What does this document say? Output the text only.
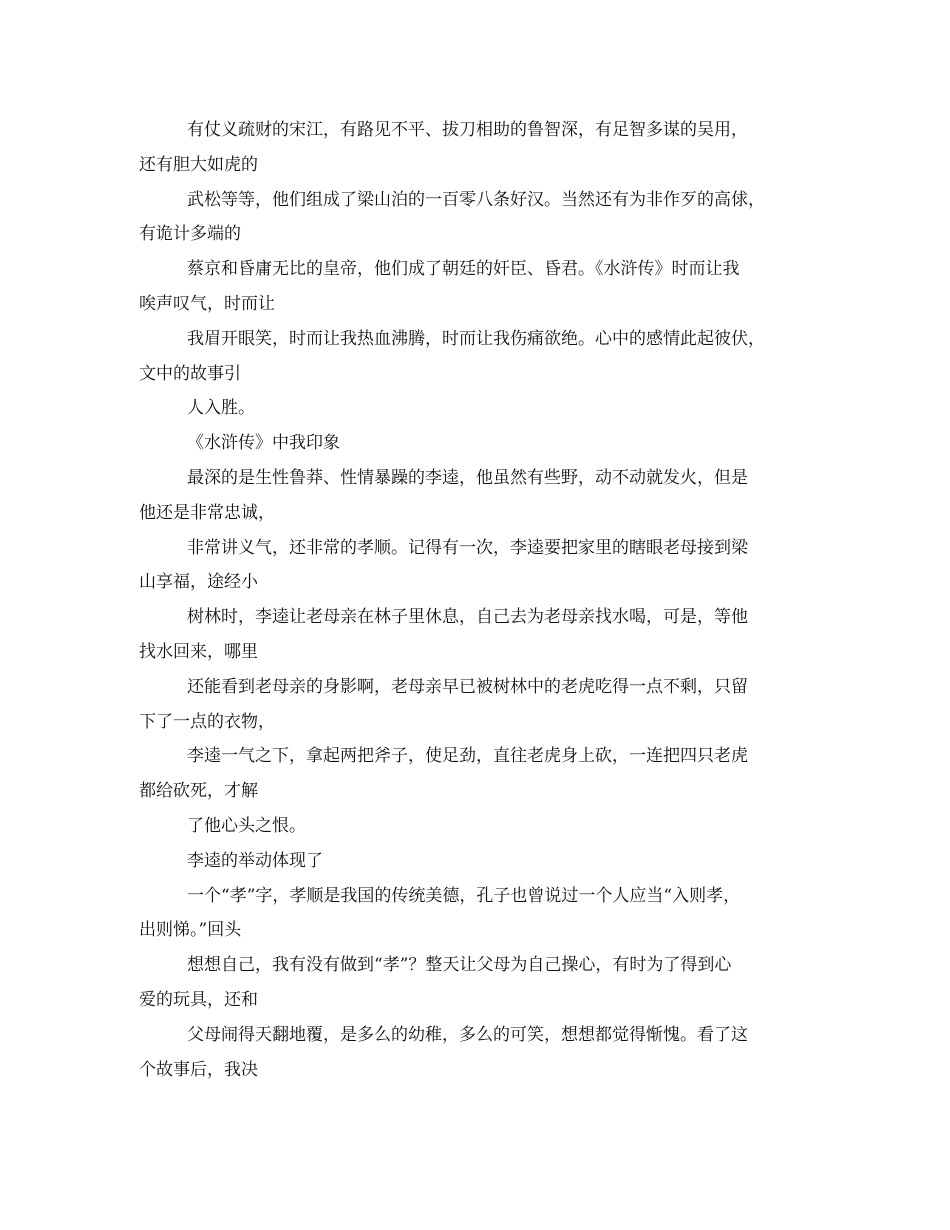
有仗义疏财的宋江，有路见不平、拔刀相助的鲁智深，有足智多谋的吴用，
还有胆大如虎的
武松等等，他们组成了梁山泊的一百零八条好汉。当然还有为非作歹的高俅，
有诡计多端的
蔡京和昏庸无比的皇帝，他们成了朝廷的奸臣、昏君。《水浒传》时而让我
唉声叹气，时而让
我眉开眼笑，时而让我热血沸腾，时而让我伤痛欲绝。心中的感情此起彼伏，
文中的故事引
人入胜。
《水浒传》中我印象
最深的是生性鲁莽、性情暴躁的李逵，他虽然有些野，动不动就发火，但是
他还是非常忠诚，
非常讲义气，还非常的孝顺。记得有一次，李逵要把家里的瞎眼老母接到梁
山享福，途经小
树林时，李逵让老母亲在林子里休息，自己去为老母亲找水喝，可是，等他
找水回来，哪里
还能看到老母亲的身影啊，老母亲早已被树林中的老虎吃得一点不剩，只留
下了一点的衣物，
李逵一气之下，拿起两把斧子，使足劲，直往老虎身上砍，一连把四只老虎
都给砍死，才解
了他心头之恨。
李逵的举动体现了
一个“孝”字，孝顺是我国的传统美德，孔子也曾说过一个人应当“入则孝，
出则悌。”回头
想想自己，我有没有做到“孝”？整天让父母为自己操心，有时为了得到心
爱的玩具，还和
父母闹得天翻地覆，是多么的幼稚，多么的可笑，想想都觉得惭愧。看了这
个故事后，我决
